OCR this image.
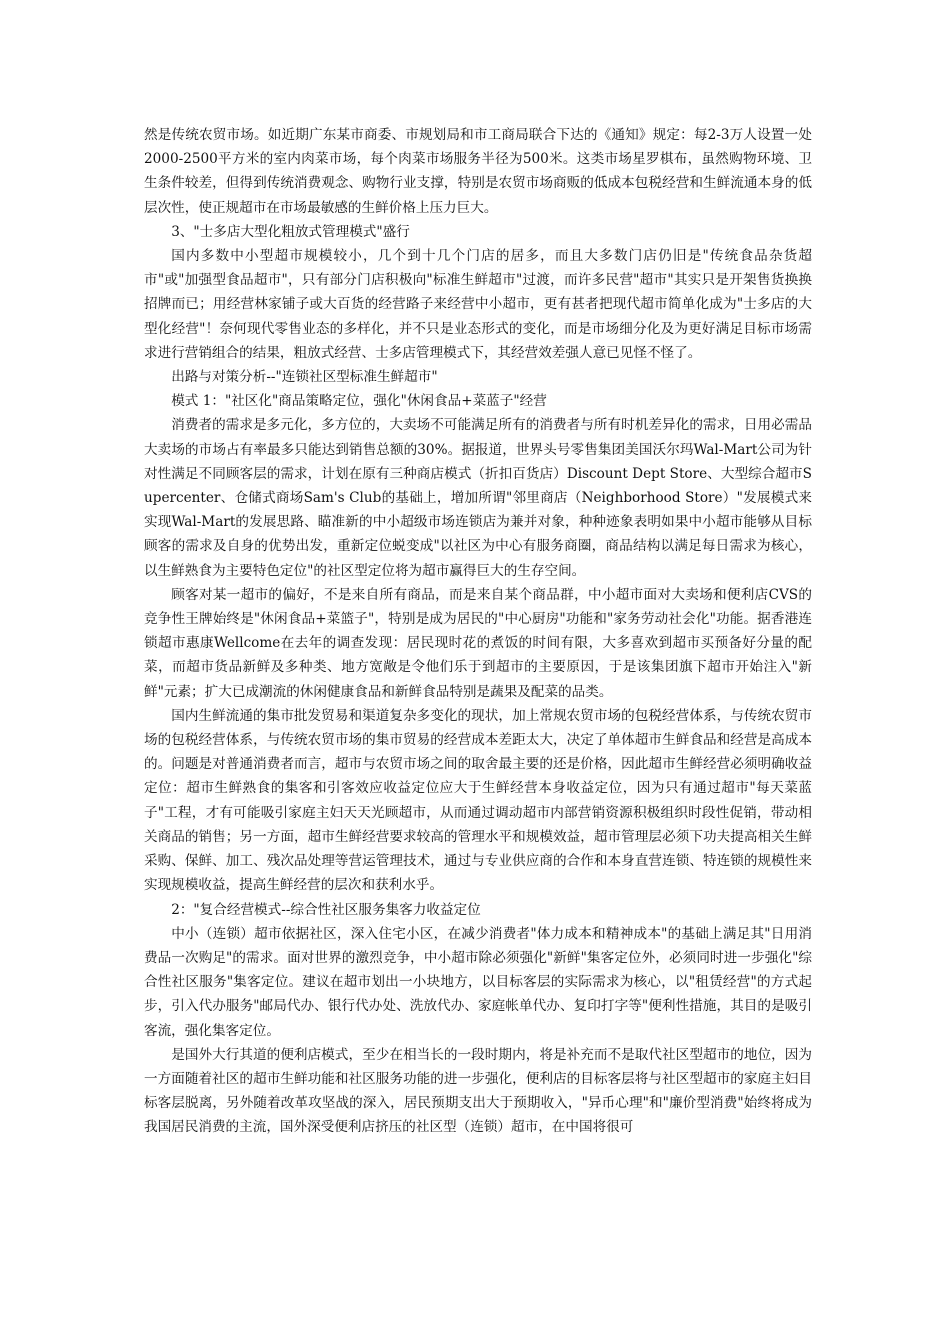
然是传统农贸市场。如近期广东某市商委、市规划局和市工商局联合下达的《通知》规定：每2-3万人设置一处2000-2500平方米的室内肉菜市场，每个肉菜市场服务半径为500米。这类市场星罗棋布，虽然购物环境、卫生条件较差，但得到传统消费观念、购物行业支撑，特别是农贸市场商贩的低成本包税经营和生鲜流通本身的低层次性，使正规超市在市场最敏感的生鲜价格上压力巨大。

3、"士多店大型化粗放式管理模式"盛行

国内多数中小型超市规模较小，几个到十几个门店的居多，而且大多数门店仍旧是"传统食品杂货超市"或"加强型食品超市"，只有部分门店积极向"标准生鲜超市"过渡，而许多民营"超市"其实只是开架售货换换招牌而已；用经营林家铺子或大百货的经营路子来经营中小超市，更有甚者把现代超市简单化成为"士多店的大型化经营"！奈何现代零售业态的多样化，并不只是业态形式的变化，而是市场细分化及为更好满足目标市场需求进行营销组合的结果，粗放式经营、士多店管理模式下，其经营效差强人意已见怪不怪了。

出路与对策分析--"连锁社区型标准生鲜超市"

模式 1："社区化"商品策略定位，强化"休闲食品+菜蓝子"经营

消费者的需求是多元化，多方位的，大卖场不可能满足所有的消费者与所有时机差异化的需求，日用必需品大卖场的市场占有率最多只能达到销售总额的30%。据报道，世界头号零售集团美国沃尔玛Wal-Mart公司为针对性满足不同顾客层的需求，计划在原有三种商店模式（折扣百货店）Discount Dept Store、大型综合超市Supercenter、仓储式商场Sam's Club的基础上，增加所谓"邻里商店（Neighborhood Store）"发展模式来实现Wal-Mart的发展思路、瞄准新的中小超级市场连锁店为兼并对象，种种迹象表明如果中小超市能够从目标顾客的需求及自身的优势出发，重新定位蜕变成"以社区为中心有服务商圈，商品结构以满足每日需求为核心，以生鲜熟食为主要特色定位"的社区型定位将为超市赢得巨大的生存空间。

顾客对某一超市的偏好，不是来自所有商品，而是来自某个商品群，中小超市面对大卖场和便利店CVS的竞争性王牌始终是"休闲食品+菜篮子"，特别是成为居民的"中心厨房"功能和"家务劳动社会化"功能。据香港连锁超市惠康Wellcome在去年的调查发现：居民现时花的煮饭的时间有限，大多喜欢到超市买预备好分量的配菜，而超市货品新鲜及多种类、地方宽敞是令他们乐于到超市的主要原因，于是该集团旗下超市开始注入"新鲜"元素；扩大已成潮流的休闲健康食品和新鲜食品特别是蔬果及配菜的品类。

国内生鲜流通的集市批发贸易和渠道复杂多变化的现状，加上常规农贸市场的包税经营体系，与传统农贸市场的包税经营体系，与传统农贸市场的集市贸易的经营成本差距太大，决定了单体超市生鲜食品和经营是高成本的。问题是对普通消费者而言，超市与农贸市场之间的取舍最主要的还是价格，因此超市生鲜经营必须明确收益定位：超市生鲜熟食的集客和引客效应收益定位应大于生鲜经营本身收益定位，因为只有通过超市"每天菜蓝子"工程，才有可能吸引家庭主妇天天光顾超市，从而通过调动超市内部营销资源积极组织时段性促销，带动相关商品的销售；另一方面，超市生鲜经营要求较高的管理水平和规模效益，超市管理层必须下功夫提高相关生鲜采购、保鲜、加工、残次品处理等营运管理技术，通过与专业供应商的合作和本身直营连锁、特连锁的规模性来实现规模收益，提高生鲜经营的层次和获利水乎。

2："复合经营模式--综合性社区服务集客力收益定位

中小（连锁）超市依据社区，深入住宅小区，在减少消费者"体力成本和精神成本"的基础上满足其"日用消费品一次购足"的需求。面对世界的激烈竞争，中小超市除必须强化"新鲜"集客定位外，必须同时进一步强化"综合性社区服务"集客定位。建议在超市划出一小块地方，以目标客层的实际需求为核心，以"租赁经营"的方式起步，引入代办服务"邮局代办、银行代办处、洗放代办、家庭帐单代办、复印打字等"便利性措施，其目的是吸引客流，强化集客定位。

是国外大行其道的便利店模式，至少在相当长的一段时期内，将是补充而不是取代社区型超市的地位，因为一方面随着社区的超市生鲜功能和社区服务功能的进一步强化，便利店的目标客层将与社区型超市的家庭主妇目标客层脱离，另外随着改革攻坚战的深入，居民预期支出大于预期收入，"异币心理"和"廉价型消费"始终将成为我国居民消费的主流，国外深受便利店挤压的社区型（连锁）超市，在中国将很可
